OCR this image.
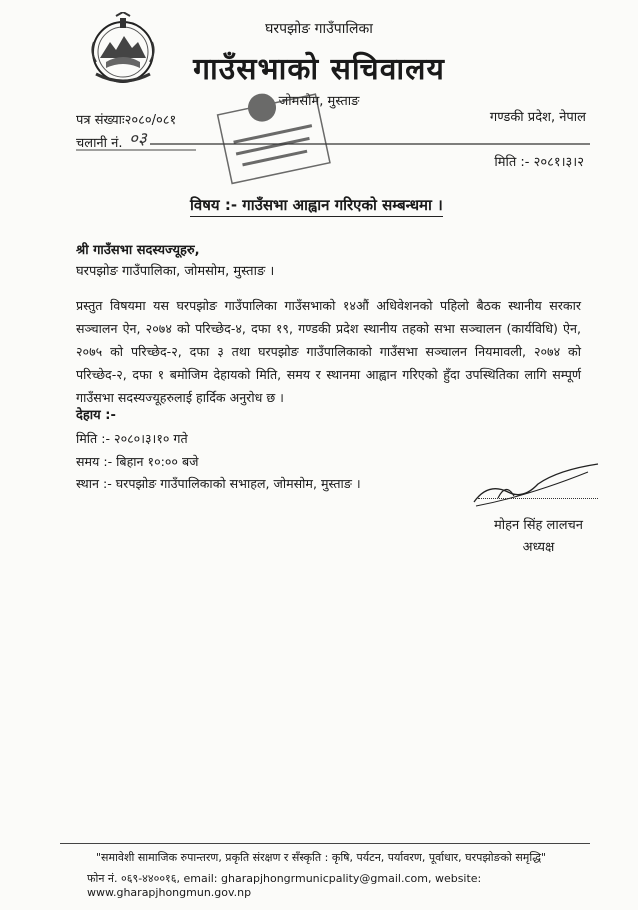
घरपझोङ गाउँपालिका
गाउँसभाको सचिवालय
जोमसोम, मुस्ताङ
पत्र संख्याः२०८०/०८१
चलानी नं. ०३
गण्डकी प्रदेश, नेपाल
मिति :- २०८१।३।२
विषय :- गाउँसभा आह्वान गरिएको सम्बन्धमा ।
श्री गाउँसभा सदस्यज्यूहरु,
घरपझोङ गाउँपालिका, जोमसोम, मुस्ताङ ।
प्रस्तुत विषयमा यस घरपझोङ गाउँपालिका गाउँसभाको १४औं अधिवेशनको पहिलो बैठक स्थानीय सरकार सञ्चालन ऐन, २०७४ को परिच्छेद-४, दफा १९, गण्डकी प्रदेश स्थानीय तहको सभा सञ्चालन (कार्यविधि) ऐन, २०७५ को परिच्छेद-२, दफा ३ तथा घरपझोङ गाउँपालिकाको गाउँसभा सञ्चालन नियमावली, २०७४ को परिच्छेद-२, दफा १ बमोजिम देहायको मिति, समय र स्थानमा आह्वान गरिएको हुँदा उपस्थितिका लागि सम्पूर्ण गाउँसभा सदस्यज्यूहरुलाई हार्दिक अनुरोध छ ।
देहाय :-
मिति :- २०८०।३।१० गते
समय :- बिहान १०:०० बजे
स्थान :- घरपझोङ गाउँपालिकाको सभाहल, जोमसोम, मुस्ताङ ।
मोहन सिंह लालचन
अध्यक्ष
"समावेशी सामाजिक रुपान्तरण, प्रकृति संरक्षण र सँस्कृति : कृषि, पर्यटन, पर्यावरण, पूर्वाधार, घरपझोङको समृद्धि"
फोन नं. ०६९-४४००१६, email: gharapjhongrmunicpality@gmail.com, website: www.gharapjhongmun.gov.np
